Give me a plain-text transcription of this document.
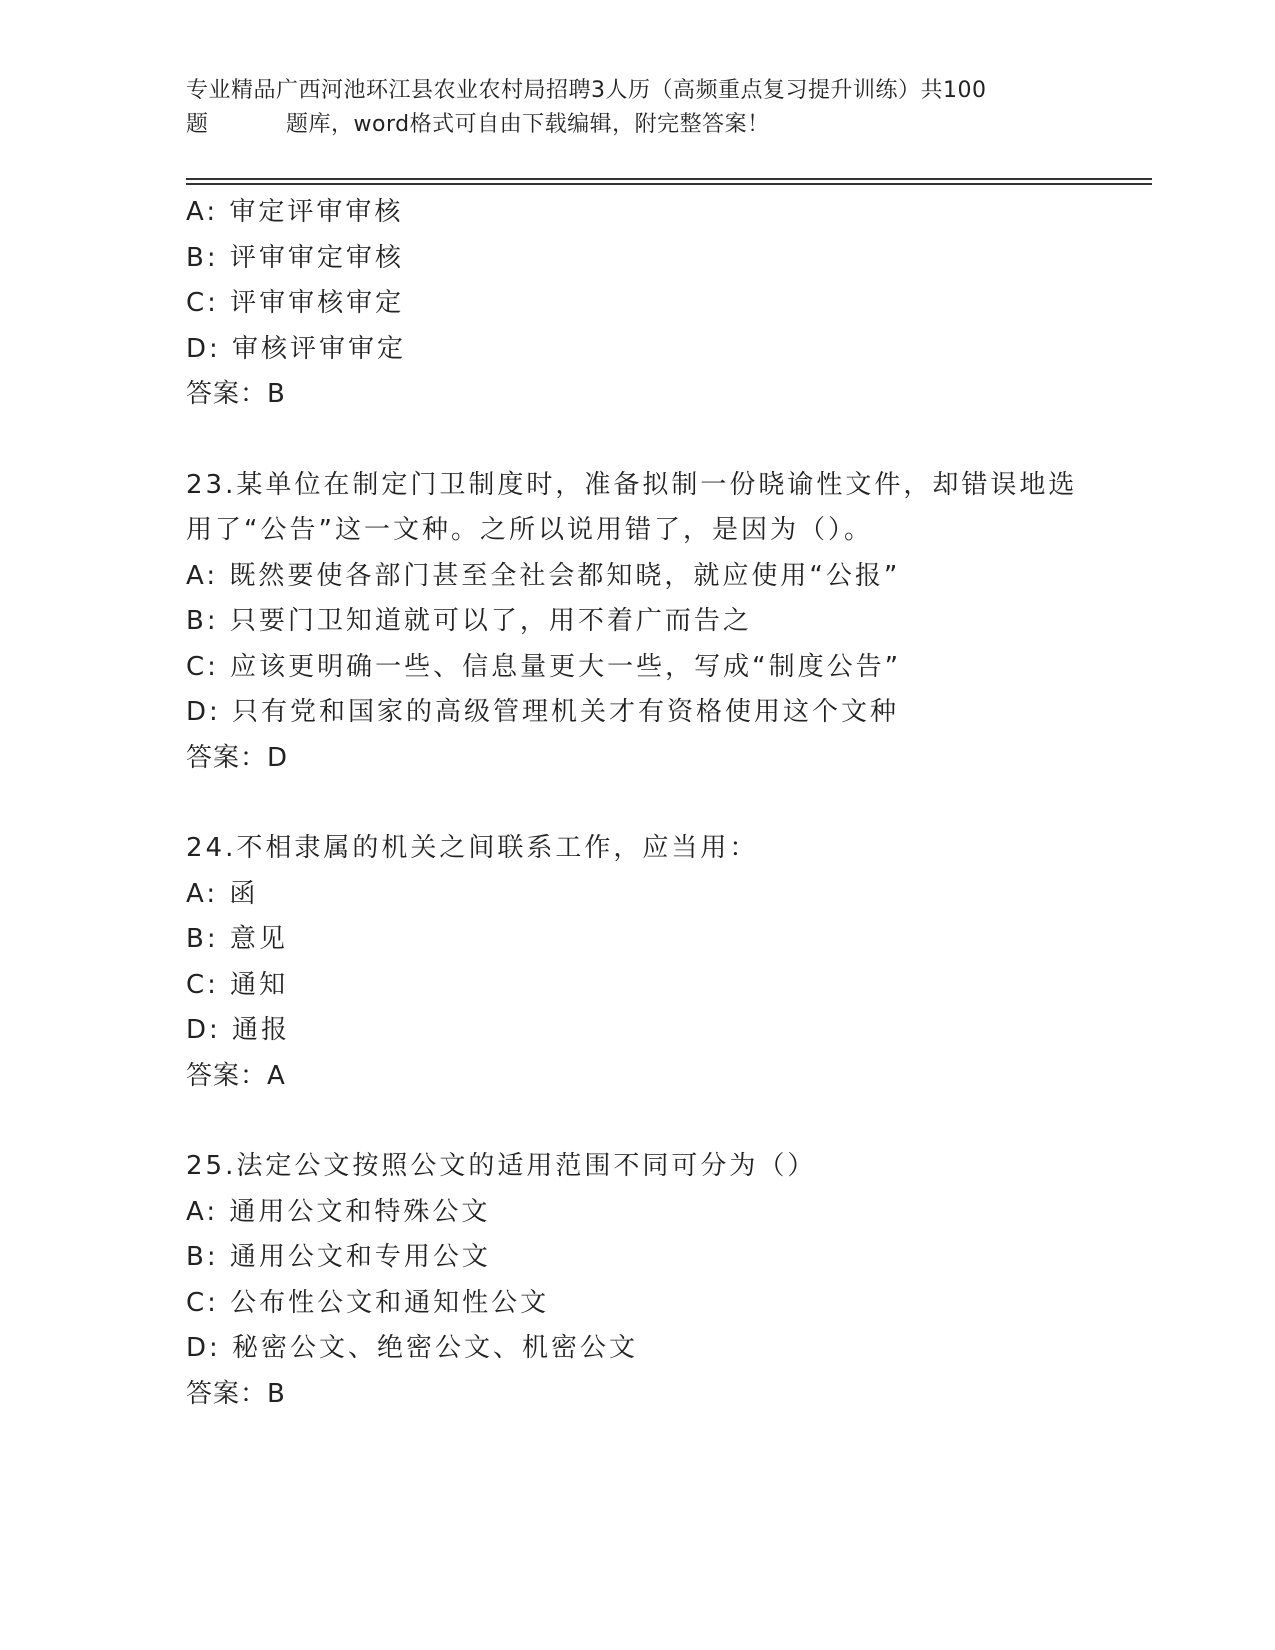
专业精品广西河池环江县农业农村局招聘3人历（高频重点复习提升训练）共100
题	题库，word格式可自由下载编辑，附完整答案！
A: 审定评审审核
B: 评审审定审核
C: 评审审核审定
D: 审核评审审定
答案：B
23.某单位在制定门卫制度时，准备拟制一份晓谕性文件，却错误地选
用了“公告”这一文种。之所以说用错了，是因为（）。
A: 既然要使各部门甚至全社会都知晓，就应使用“公报”
B: 只要门卫知道就可以了，用不着广而告之
C: 应该更明确一些、信息量更大一些，写成“制度公告”
D: 只有党和国家的高级管理机关才有资格使用这个文种
答案：D
24.不相隶属的机关之间联系工作，应当用：
A: 函
B: 意见
C: 通知
D: 通报
答案：A
25.法定公文按照公文的适用范围不同可分为（）
A: 通用公文和特殊公文
B: 通用公文和专用公文
C: 公布性公文和通知性公文
D: 秘密公文、绝密公文、机密公文
答案：B
